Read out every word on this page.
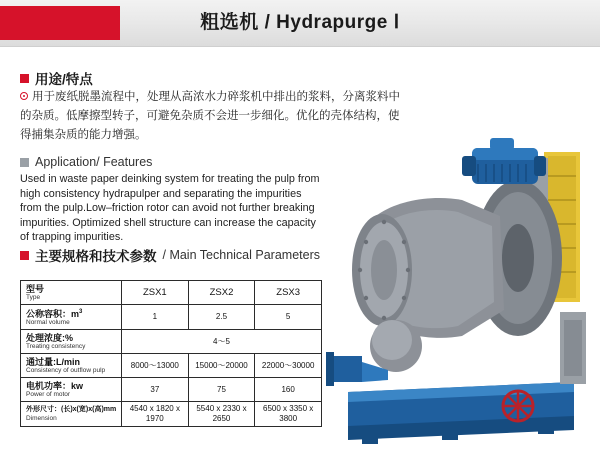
粗选机 / Hydrapurge Ⅰ
用途/特点

用于废纸脱墨流程中，处理从高浓水力碎浆机中排出的浆料，分离浆料中的杂质。低摩擦型转子，可避免杂质不会进一步细化。优化的壳体结构，使得捕集杂质的能力增强。

Application/ Features

Used in waste paper deinking system for treating the pulp from high consistency hydrapulper and separating the impurities from the pulp.Low–friction rotor can avoid not further breaking impurities. Optimized shell structure can increase the capacity of trapping impurities.

主要规格和技术参数 / Main Technical Parameters
型号
Type	ZSX1	ZSX2	ZSX3

公称容积：$m^3$
Normal volume	1	2.5	5

处理浓度:%
Treating consistency	4～5		

通过量:L/min
Consistency of outflow pulp	8000～13000	15000～20000	22000～30000

电机功率：kw
Power of motor	37	75	160

外形尺寸：(长)x(宽)x(高)mm
Dimension	4540 x 1820 x 1970	5540 x 2330 x 2650	6500 x 3350 x 3800
